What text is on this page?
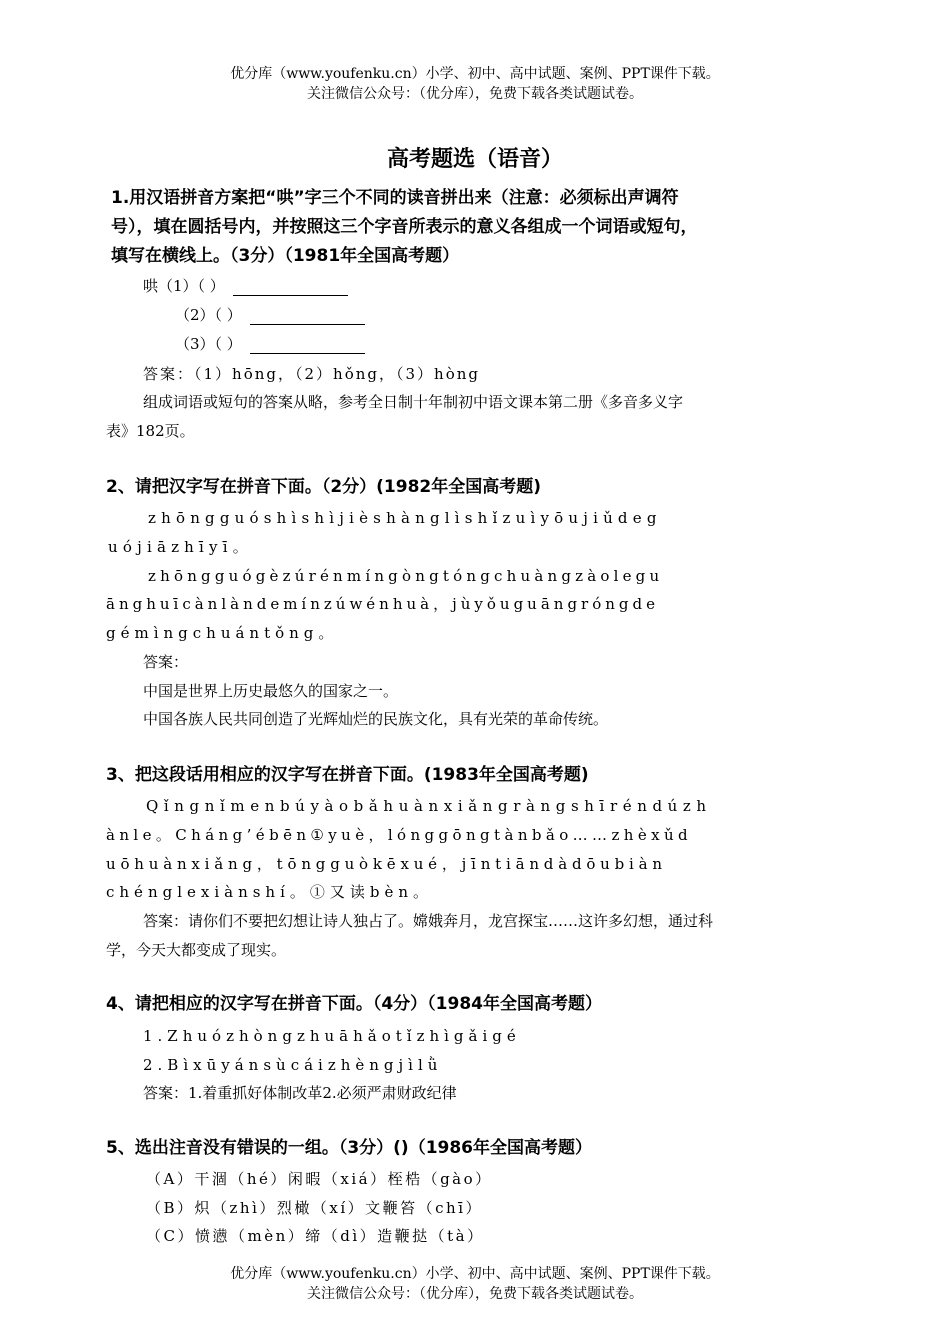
优分库（www.youfenku.cn）小学、初中、高中试题、案例、PPT课件下载。
关注微信公众号：（优分库），免费下载各类试题试卷。
高考题选（语音）
1.用汉语拼音方案把“哄”字三个不同的读音拼出来（注意：必须标出声调符
号），填在圆括号内，并按照这三个字音所表示的意义各组成一个词语或短句，
填写在横线上。（3分）（1981年全国高考题）
哄（1）（ ）
（2）（ ）
（3）（ ）
答案：（1）hōng，（2）hǒng，（3）hòng
组成词语或短句的答案从略，参考全日制十年制初中语文课本第二册《多音多义字
表》182页。
2、请把汉字写在拼音下面。（2分）(1982年全国高考题)
zhōngguóshìshìjièshànglìshǐzuìyōujiǔdeg
uójiāzhīyī。
zhōngguógèzúrénmíngòngtóngchuàngzàolegu
ānghuīcànlàndemínzúwénhuà，jùyǒuguāngróngde
gémìngchuántǒng。
答案：
中国是世界上历史最悠久的国家之一。
中国各族人民共同创造了光辉灿烂的民族文化，具有光荣的革命传统。
3、把这段话用相应的汉字写在拼音下面。(1983年全国高考题)
Qǐngnǐmenbúyàobǎhuànxiǎngràngshīréndúzh
ànle。Cháng’ébēn①yuè，lónggōngtànbǎo……zhèxǔd
uōhuànxiǎng，tōngguòkēxué，jīntiāndàdōubiàn
chénglexiànshí。①又读bèn。
答案：请你们不要把幻想让诗人独占了。嫦娥奔月，龙宫探宝……这许多幻想，通过科
学，今天大都变成了现实。
4、请把相应的汉字写在拼音下面。（4分）（1984年全国高考题）
1.Zhuózhòngzhuāhǎotǐzhìgǎigé
2.Bìxūyánsùcáizhèngjìlǜ
答案：1.着重抓好体制改革2.必须严肃财政纪律
5、选出注音没有错误的一组。（3分）()（1986年全国高考题）
（A）干涸（hé）闲暇（xiá）桎梏（gào）
（B）炽（zhì）烈橄（xí）文鞭笞（chī）
（C）愤懑（mèn）缔（dì）造鞭挞（tà）
优分库（www.youfenku.cn）小学、初中、高中试题、案例、PPT课件下载。
关注微信公众号：（优分库），免费下载各类试题试卷。
